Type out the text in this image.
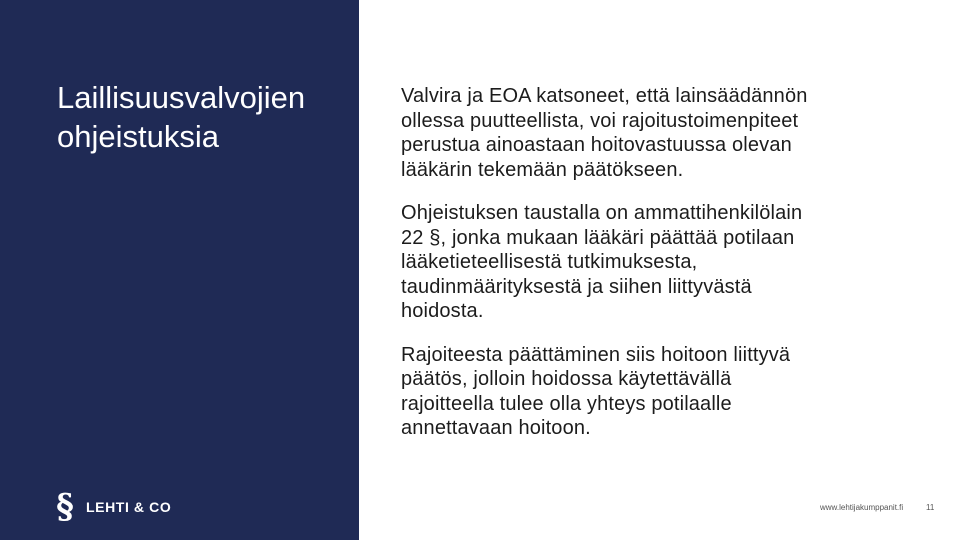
Laillisuusvalvojien
ohjeistuksia
§ LEHTI & CO

Valvira ja EOA katsoneet, että lainsäädännön
ollessa puutteellista, voi rajoitustoimenpiteet
perustua ainoastaan hoitovastuussa olevan
lääkärin tekemään päätökseen.

Ohjeistuksen taustalla on ammattihenkilölain
22 §, jonka mukaan lääkäri päättää potilaan
lääketieteellisestä tutkimuksesta,
taudinmäärityksestä ja siihen liittyvästä
hoidosta.

Rajoiteesta päättäminen siis hoitoon liittyvä
päätös, jolloin hoidossa käytettävällä
rajoitteella tulee olla yhteys potilaalle
annettavaan hoitoon.

www.lehtijakumppanit.fi	11
